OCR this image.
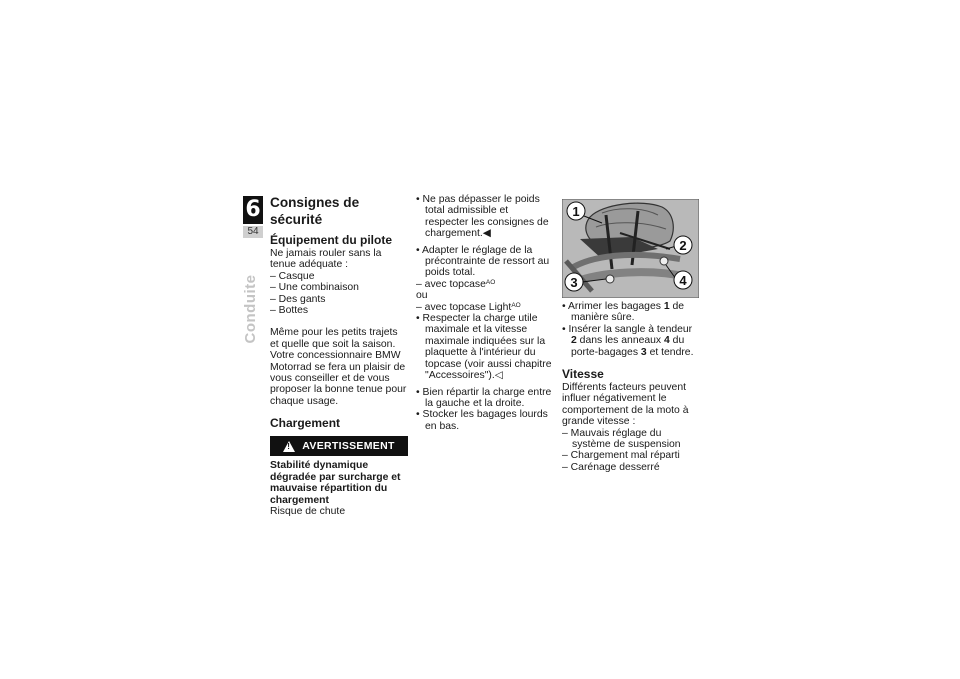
6
54
Conduite
Consignes de sécurité
Équipement du pilote

Ne jamais rouler sans la tenue adéquate :

– Casque

– Une combinaison

– Des gants

– Bottes

Même pour les petits trajets et quelle que soit la saison. Votre concessionnaire BMW Motorrad se fera un plaisir de vous conseiller et de vous proposer la bonne tenue pour chaque usage.

Chargement
!
AVERTISSEMENT

Stabilité dynamique dégradée par surcharge et mauvaise répartition du chargement

Risque de chute

• Ne pas dépasser le poids total admissible et respecter les consignes de chargement.◀

• Adapter le réglage de la précontrainte de ressort au poids total.

– avec topcase$^{AO}$

ou

– avec topcase Light$^{AO}$

• Respecter la charge utile maximale et la vitesse maximale indiquées sur la plaquette à l'intérieur du topcase (voir aussi chapitre "Accessoires").◁

• Bien répartir la charge entre la gauche et la droite.

• Stocker les bagages lourds en bas.

1
2
3	4

• Arrimer les bagages 1 de manière sûre.

• Insérer la sangle à tendeur 2 dans les anneaux 4 du porte-bagages 3 et tendre.

Vitesse

Différents facteurs peuvent influer négativement le comportement de la moto à grande vitesse :

– Mauvais réglage du système de suspension

– Chargement mal réparti

– Carénage desserré
